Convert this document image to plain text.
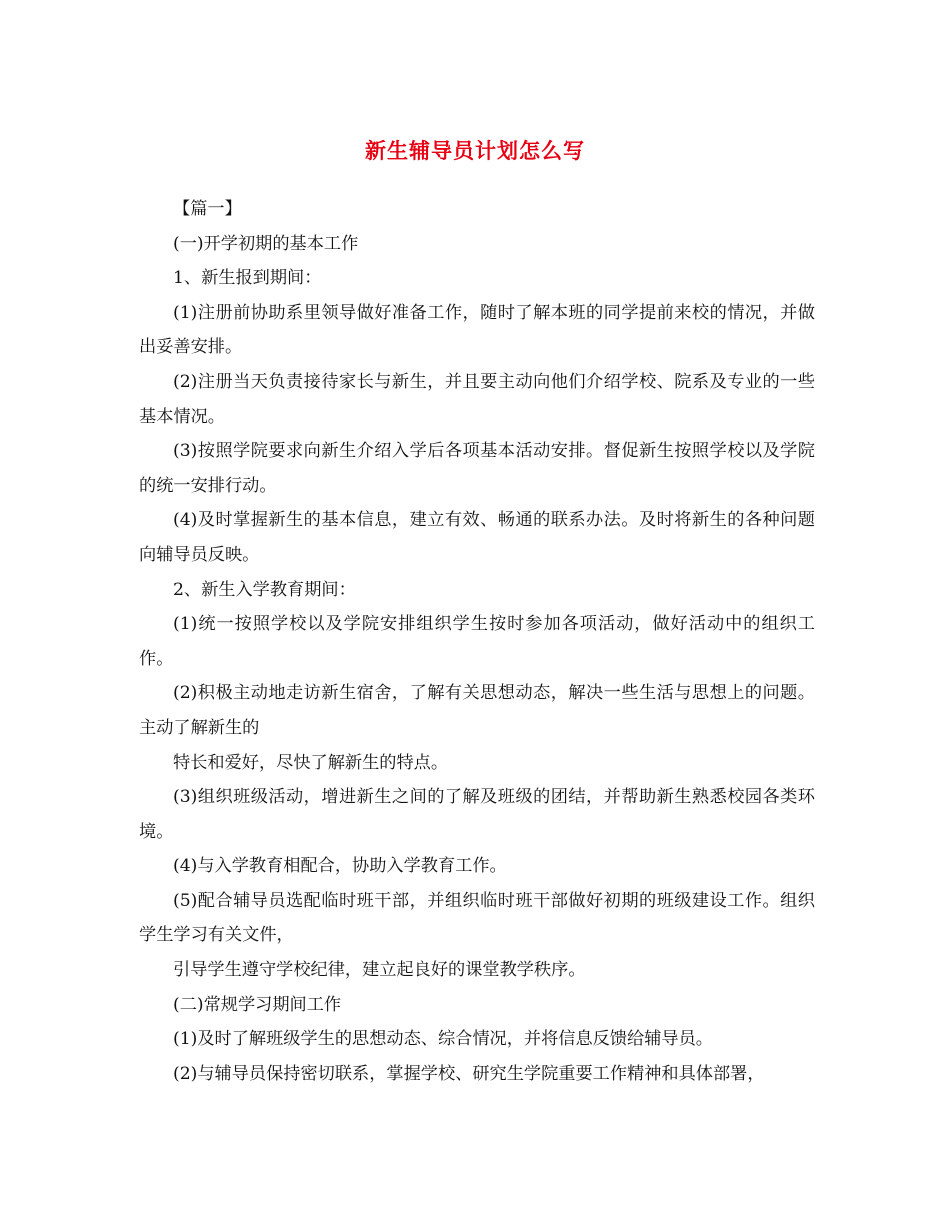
新生辅导员计划怎么写

【篇一】

(一)开学初期的基本工作

1、新生报到期间：

(1)注册前协助系里领导做好准备工作，随时了解本班的同学提前来校的情况，并做出妥善安排。

(2)注册当天负责接待家长与新生，并且要主动向他们介绍学校、院系及专业的一些基本情况。

(3)按照学院要求向新生介绍入学后各项基本活动安排。督促新生按照学校以及学院的统一安排行动。

(4)及时掌握新生的基本信息，建立有效、畅通的联系办法。及时将新生的各种问题向辅导员反映。

2、新生入学教育期间：

(1)统一按照学校以及学院安排组织学生按时参加各项活动，做好活动中的组织工作。

(2)积极主动地走访新生宿舍，了解有关思想动态，解决一些生活与思想上的问题。主动了解新生的

特长和爱好，尽快了解新生的特点。

(3)组织班级活动，增进新生之间的了解及班级的团结，并帮助新生熟悉校园各类环境。

(4)与入学教育相配合，协助入学教育工作。

(5)配合辅导员选配临时班干部，并组织临时班干部做好初期的班级建设工作。组织学生学习有关文件，

引导学生遵守学校纪律，建立起良好的课堂教学秩序。

(二)常规学习期间工作

(1)及时了解班级学生的思想动态、综合情况，并将信息反馈给辅导员。

(2)与辅导员保持密切联系，掌握学校、研究生学院重要工作精神和具体部署，
